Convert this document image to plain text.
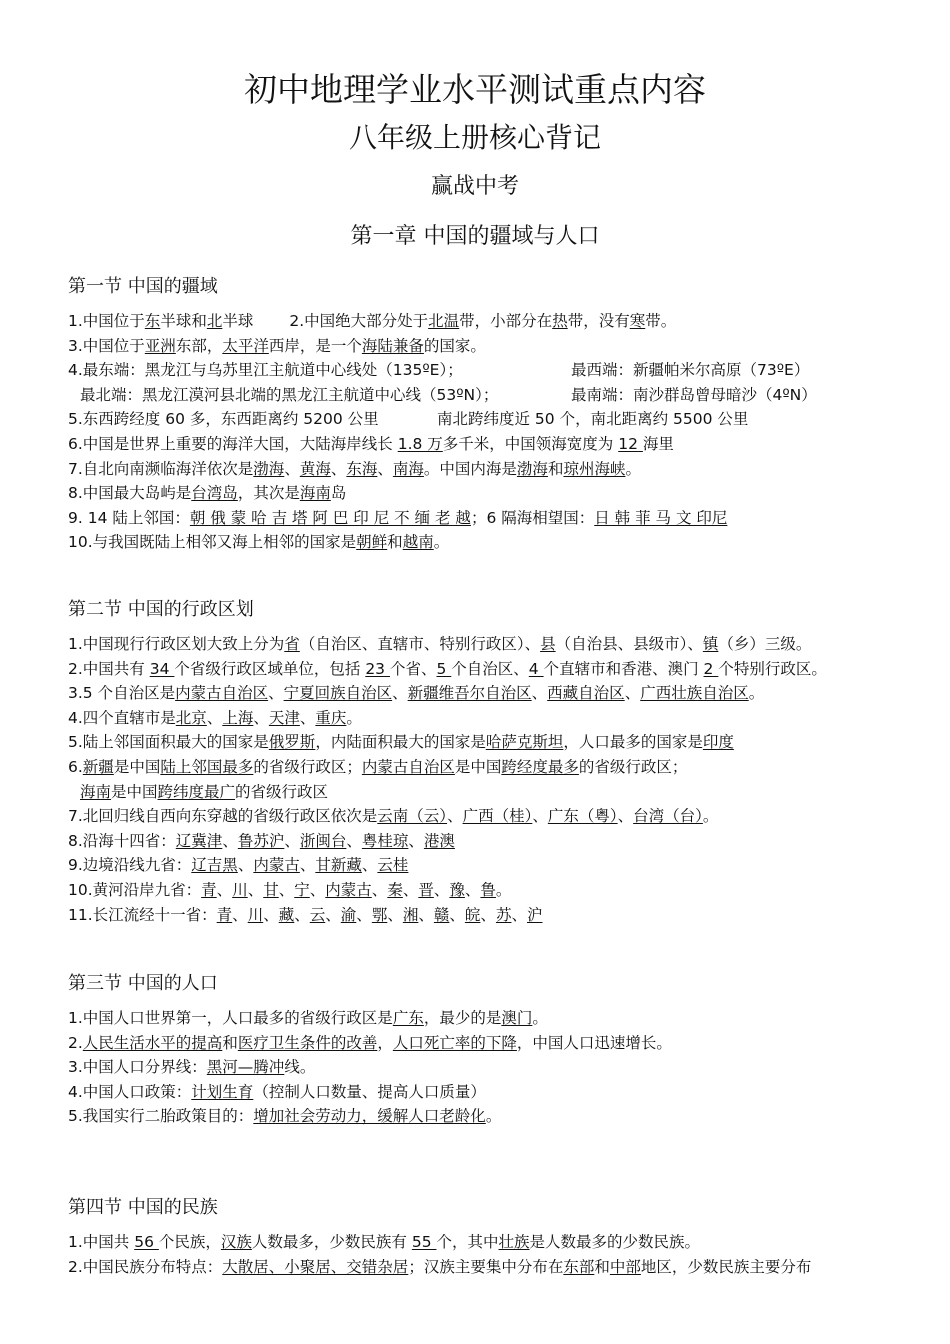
初中地理学业水平测试重点内容
八年级上册核心背记
赢战中考
第一章 中国的疆域与人口
第一节 中国的疆域
1.中国位于东半球和北半球 2.中国绝大部分处于北温带，小部分在热带，没有寒带。
3.中国位于亚洲东部，太平洋西岸，是一个海陆兼备的国家。
4.最东端：黑龙江与乌苏里江主航道中心线处（135ºE）；
最北端：黑龙江漠河县北端的黑龙江主航道中心线（53ºN）；
5.东西跨经度 60 多，东西距离约 5200 公里
6.中国是世界上重要的海洋大国，大陆海岸线长 1.8 万多千米，中国领海宽度为 12 海里
7.自北向南濒临海洋依次是渤海、黄海、东海、南海。中国内海是渤海和琼州海峡。
8.中国最大岛屿是台湾岛，其次是海南岛
9. 14 陆上邻国：朝 俄 蒙 哈 吉 塔 阿 巴 印 尼 不 缅 老 越；6 隔海相望国：日 韩 菲 马 文 印尼
10.与我国既陆上相邻又海上相邻的国家是朝鲜和越南。
最西端：新疆帕米尔高原（73ºE）
最南端：南沙群岛曾母暗沙（4ºN）
南北跨纬度近 50 个，南北距离约 5500 公里
第二节 中国的行政区划
1.中国现行行政区划大致上分为省（自治区、直辖市、特别行政区）、县（自治县、县级市）、镇（乡）三级。
2.中国共有 34 个省级行政区域单位，包括 23 个省、5 个自治区、4 个直辖市和香港、澳门 2 个特别行政区。
3.5 个自治区是内蒙古自治区、宁夏回族自治区、新疆维吾尔自治区、西藏自治区、广西壮族自治区。
4.四个直辖市是北京、上海、天津、重庆。
5.陆上邻国面积最大的国家是俄罗斯，内陆面积最大的国家是哈萨克斯坦，人口最多的国家是印度
6.新疆是中国陆上邻国最多的省级行政区；内蒙古自治区是中国跨经度最多的省级行政区；
海南是中国跨纬度最广的省级行政区
7.北回归线自西向东穿越的省级行政区依次是云南（云）、广西（桂）、广东（粤）、台湾（台）。
8.沿海十四省：辽冀津、鲁苏沪、浙闽台、粤桂琼、港澳
9.边境沿线九省：辽吉黑、内蒙古、甘新藏、云桂
10.黄河沿岸九省：青、川、甘、宁、内蒙古、秦、晋、豫、鲁。
11.长江流经十一省：青、川、藏、云、渝、鄂、湘、赣、皖、苏、沪
第三节 中国的人口
1.中国人口世界第一，人口最多的省级行政区是广东，最少的是澳门。
2.人民生活水平的提高和医疗卫生条件的改善，人口死亡率的下降，中国人口迅速增长。
3.中国人口分界线：黑河—腾冲线。
4.中国人口政策：计划生育（控制人口数量、提高人口质量）
5.我国实行二胎政策目的：增加社会劳动力，缓解人口老龄化。
第四节 中国的民族
1.中国共 56 个民族，汉族人数最多，少数民族有 55 个，其中壮族是人数最多的少数民族。
2.中国民族分布特点：大散居、小聚居、交错杂居；汉族主要集中分布在东部和中部地区，少数民族主要分布
